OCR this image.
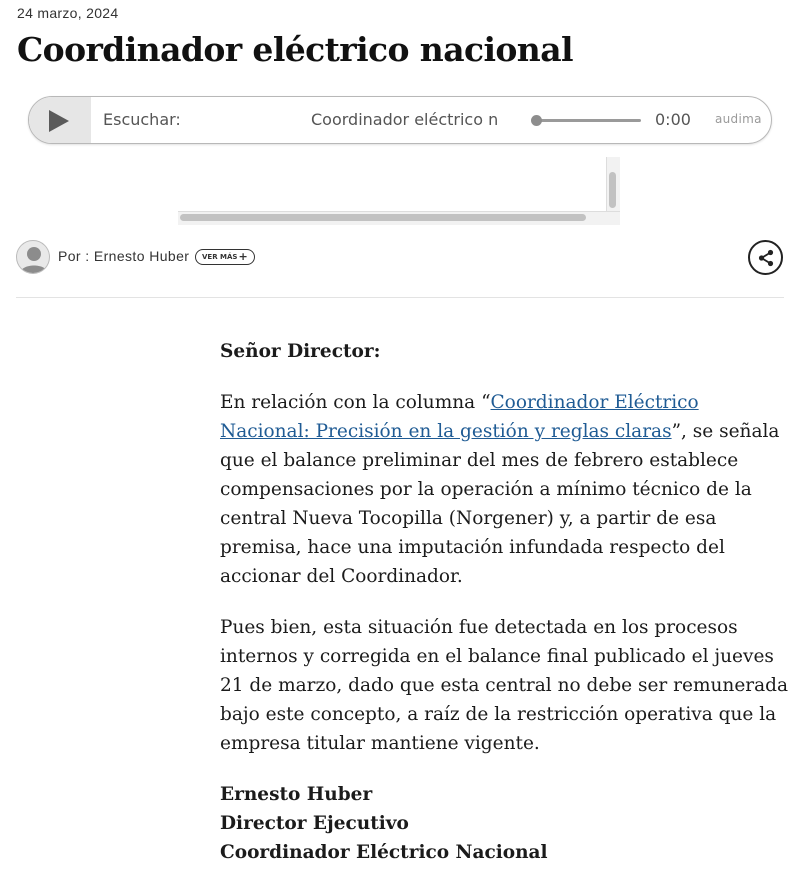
24 marzo, 2024
Coordinador eléctrico nacional
Escuchar:	Coordinador eléctrico n	0:00 audima
Por : Ernesto Huber	VER MÁS+

Señor Director:

En relación con la columna “Coordinador Eléctrico Nacional: Precisión en la gestión y reglas claras”, se señala que el balance preliminar del mes de febrero establece compensaciones por la operación a mínimo técnico de la central Nueva Tocopilla (Norgener) y, a partir de esa premisa, hace una imputación infundada respecto del accionar del Coordinador.

Pues bien, esta situación fue detectada en los procesos internos y corregida en el balance final publicado el jueves 21 de marzo, dado que esta central no debe ser remunerada bajo este concepto, a raíz de la restricción operativa que la empresa titular mantiene vigente.

Ernesto Huber
Director Ejecutivo
Coordinador Eléctrico Nacional
